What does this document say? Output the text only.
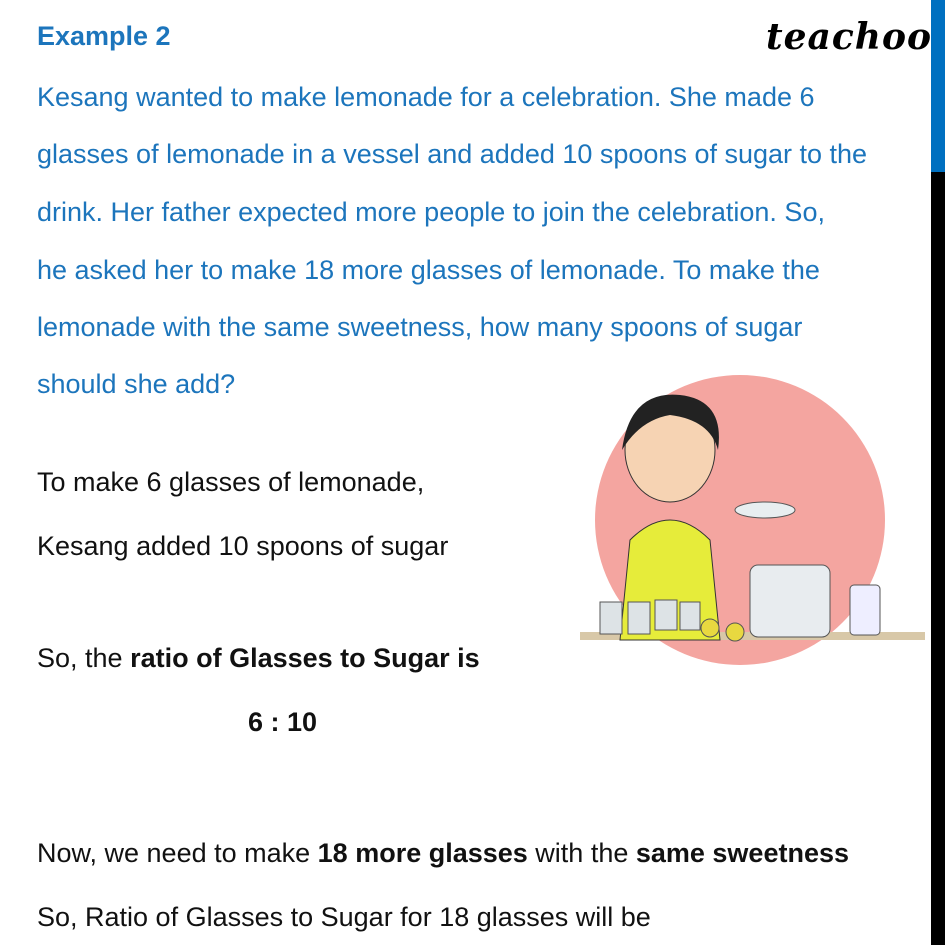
Example 2	teachoo
Kesang wanted to make lemonade for a celebration. She made 6
glasses of lemonade in a vessel and added 10 spoons of sugar to the
drink. Her father expected more people to join the celebration. So,
he asked her to make 18 more glasses of lemonade. To make the
lemonade with the same sweetness, how many spoons of sugar
should she add?
To make 6 glasses of lemonade,
Kesang added 10 spoons of sugar
So, the ratio of Glasses to Sugar is
6 : 10
Now, we need to make 18 more glasses with the same sweetness
So, Ratio of Glasses to Sugar for 18 glasses will be
